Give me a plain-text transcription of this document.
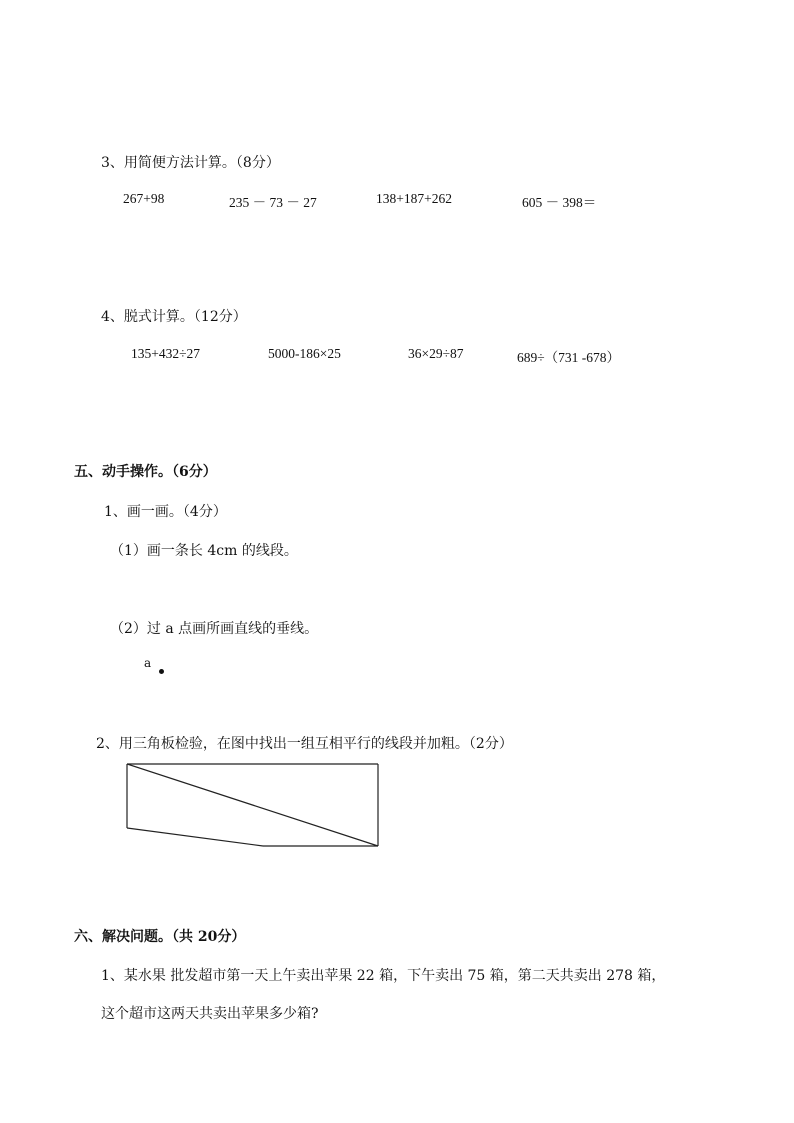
3、用简便方法计算。（8分）
267+98	235 － 73 － 27	138+187+262	605 － 398＝
4、脱式计算。（12分）
135+432÷27	5000-186×25	36×29÷87	689÷（731 -678）
五、动手操作。（6分）
1、画一画。（4分）
（1）画一条长 4cm 的线段。
（2）过 a 点画所画直线的垂线。
a
2、用三角板检验，在图中找出一组互相平行的线段并加粗。（2分）
六、解决问题。（共 20分）
1、某水果 批发超市第一天上午卖出苹果 22 箱，下午卖出 75 箱，第二天共卖出 278 箱，
这个超市这两天共卖出苹果多少箱?
